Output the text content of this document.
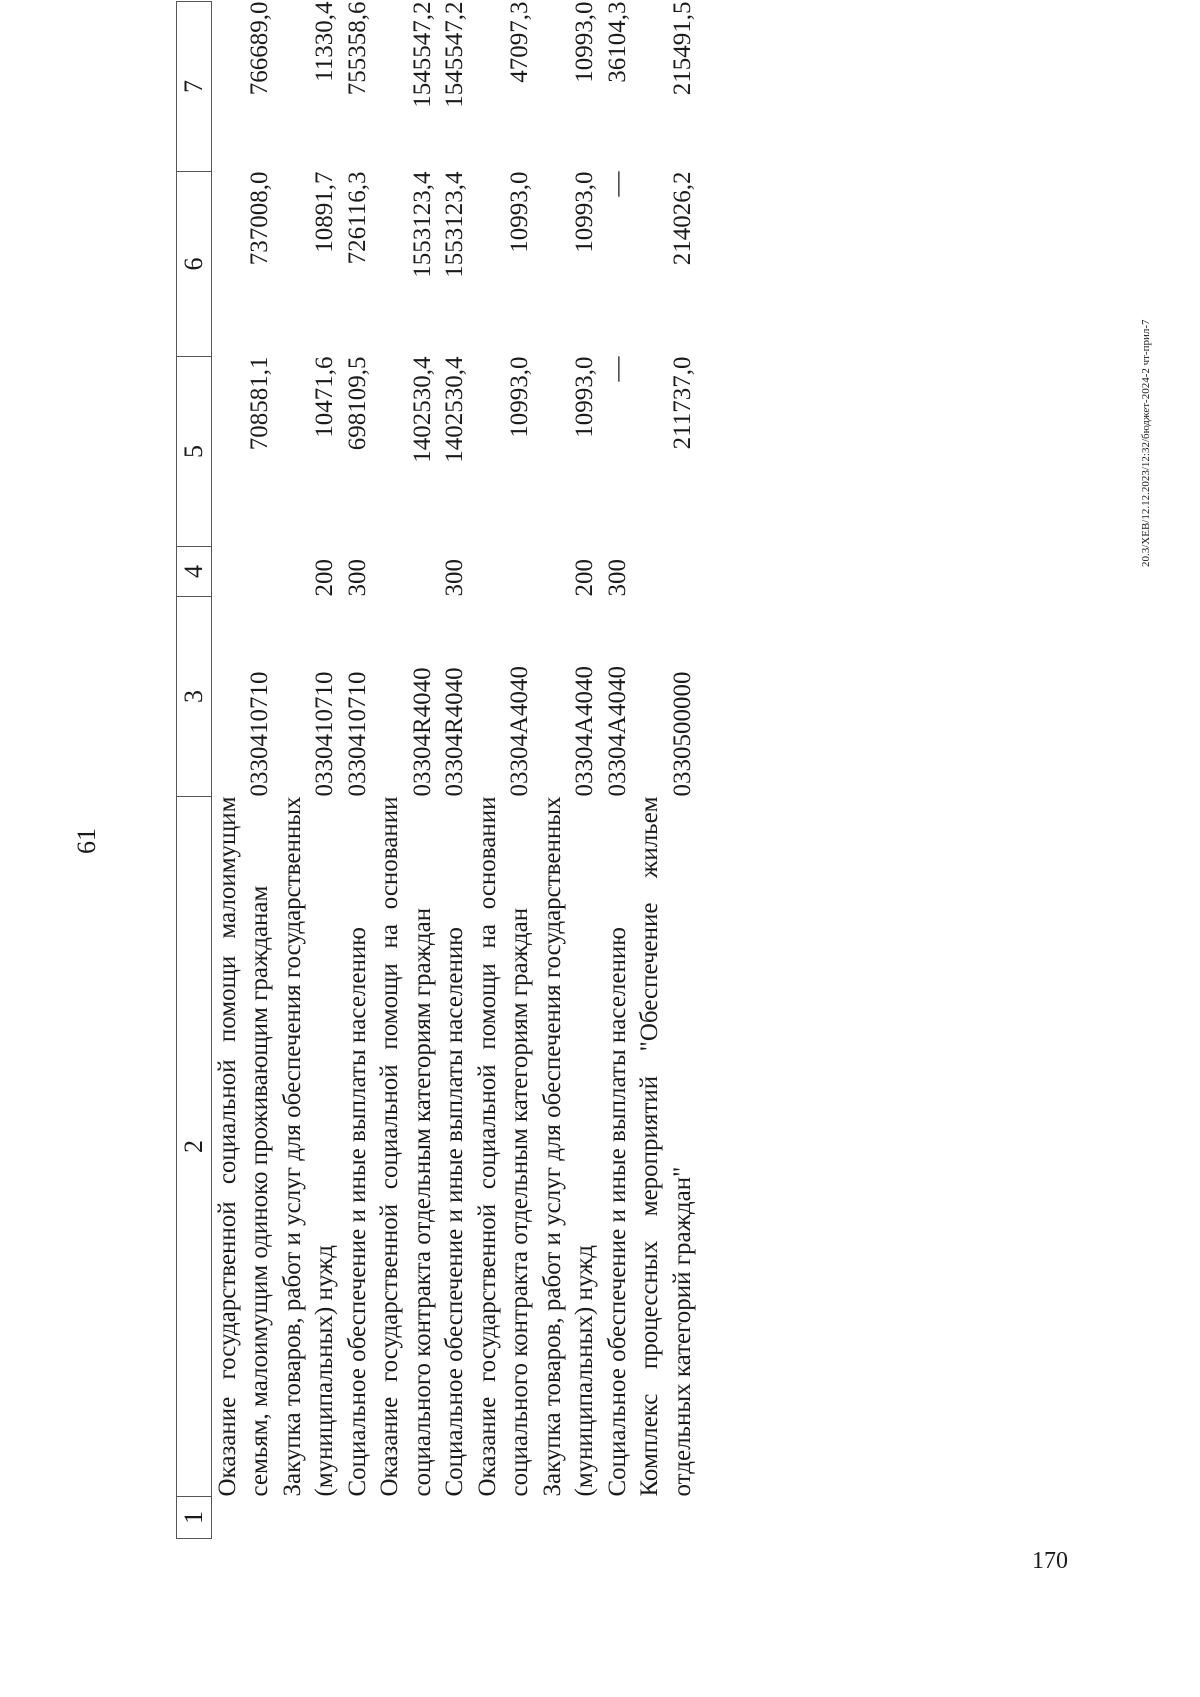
61
1	2	3	4	5	6	7
	Оказание государственной социальной помощи малоимущим семьям, малоимущим одиноко проживающим гражданам	0330410710		708581,1	737008,0	766689,0
	Закупка товаров, работ и услуг для обеспечения государственных (муниципальных) нужд	0330410710	200	10471,6	10891,7	11330,4
	Социальное обеспечение и иные выплаты населению	0330410710	300	698109,5	726116,3	755358,6
	Оказание государственной социальной помощи на основании социального контракта отдельным категориям граждан	03304R4040		1402530,4	1553123,4	1545547,2
	Социальное обеспечение и иные выплаты населению	03304R4040	300	1402530,4	1553123,4	1545547,2
	Оказание государственной социальной помощи на основании социального контракта отдельным категориям граждан	03304A4040		10993,0	10993,0	47097,3
	Закупка товаров, работ и услуг для обеспечения государственных (муниципальных) нужд	03304A4040	200	10993,0	10993,0	10993,0
	Социальное обеспечение и иные выплаты населению	03304A4040	300	—	—	36104,3
	Комплекс процессных мероприятий "Обеспечение жильем отдельных категорий граждан"	0330500000		211737,0	214026,2	215491,5
20.3/ХЕВ/12.12.2023/12:32/бюджет-2024-2 чт-прил-7
170
